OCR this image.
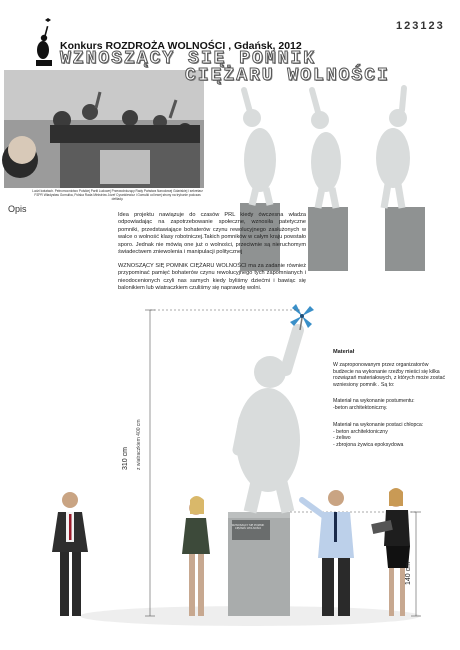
123123
Konkurs ROZDROŻA WOLNOŚCI , Gdańsk, 2012
WZNOSZĄCY SIĘ POMNIK
CIĘŻARU WOLNOŚCI
Ludzi kwiatach. Pełnomocnictwo Polskiej Partii Ludowej Przewodniczący Rady Państwa Narodowej Gdańskiej i sekretarz PZPR Władysław Gomułka, Polska Rada Ministrów Józef Cyrankiewicz i Gomułki od lewej strony na trybunie podczas defilady.
Opis
Idea projektu nawiązuje do czasów PRL kiedy ówczesna władza odpowiadając na zapotrzebowanie społeczne, wznosiła patetyczne pomniki, przedstawiające bohaterów czynu rewolucyjnego zasłużonych w walce o wolność klasy robotniczej.Takich pomników w całym kraju powstało sporo. Jednak nie mówią one już o wolności, przeciwnie są nieruchomym świadectwem zniewolenia i manipulacji politycznej
WZNOSZĄCY SIĘ POMNIK CIĘŻARU WOLNOŚCI ma za zadanie również przypominać pamięć bohaterów czynu rewolucyjnego tych zapomnianych i nieodocenionych czyli nas samych kiedy byliśmy dziećmi i bawiąc się balonikiem lub wiatraczkiem czuliśmy się naprawdę wolni.
Materiał
W zaproponowanym przez organizatorów budżecie na wykonanie rzeźby mieści się kilka rozwiązań materiałowych, z których może zostać wzniesiony pomnik . Są to:
Materiał na wykonanie postumentu:
-beton architektoniczny.
Materiał na wykonanie postaci chłopca:
- beton architektoniczny
- żeliwo
- zbrojona żywica epoksydowa
310 cm z wiatraczkiem 400 cm
140 cm
WZNOSZĄCY SIĘ POMNIK CIĘŻARU WOLNOŚCI
